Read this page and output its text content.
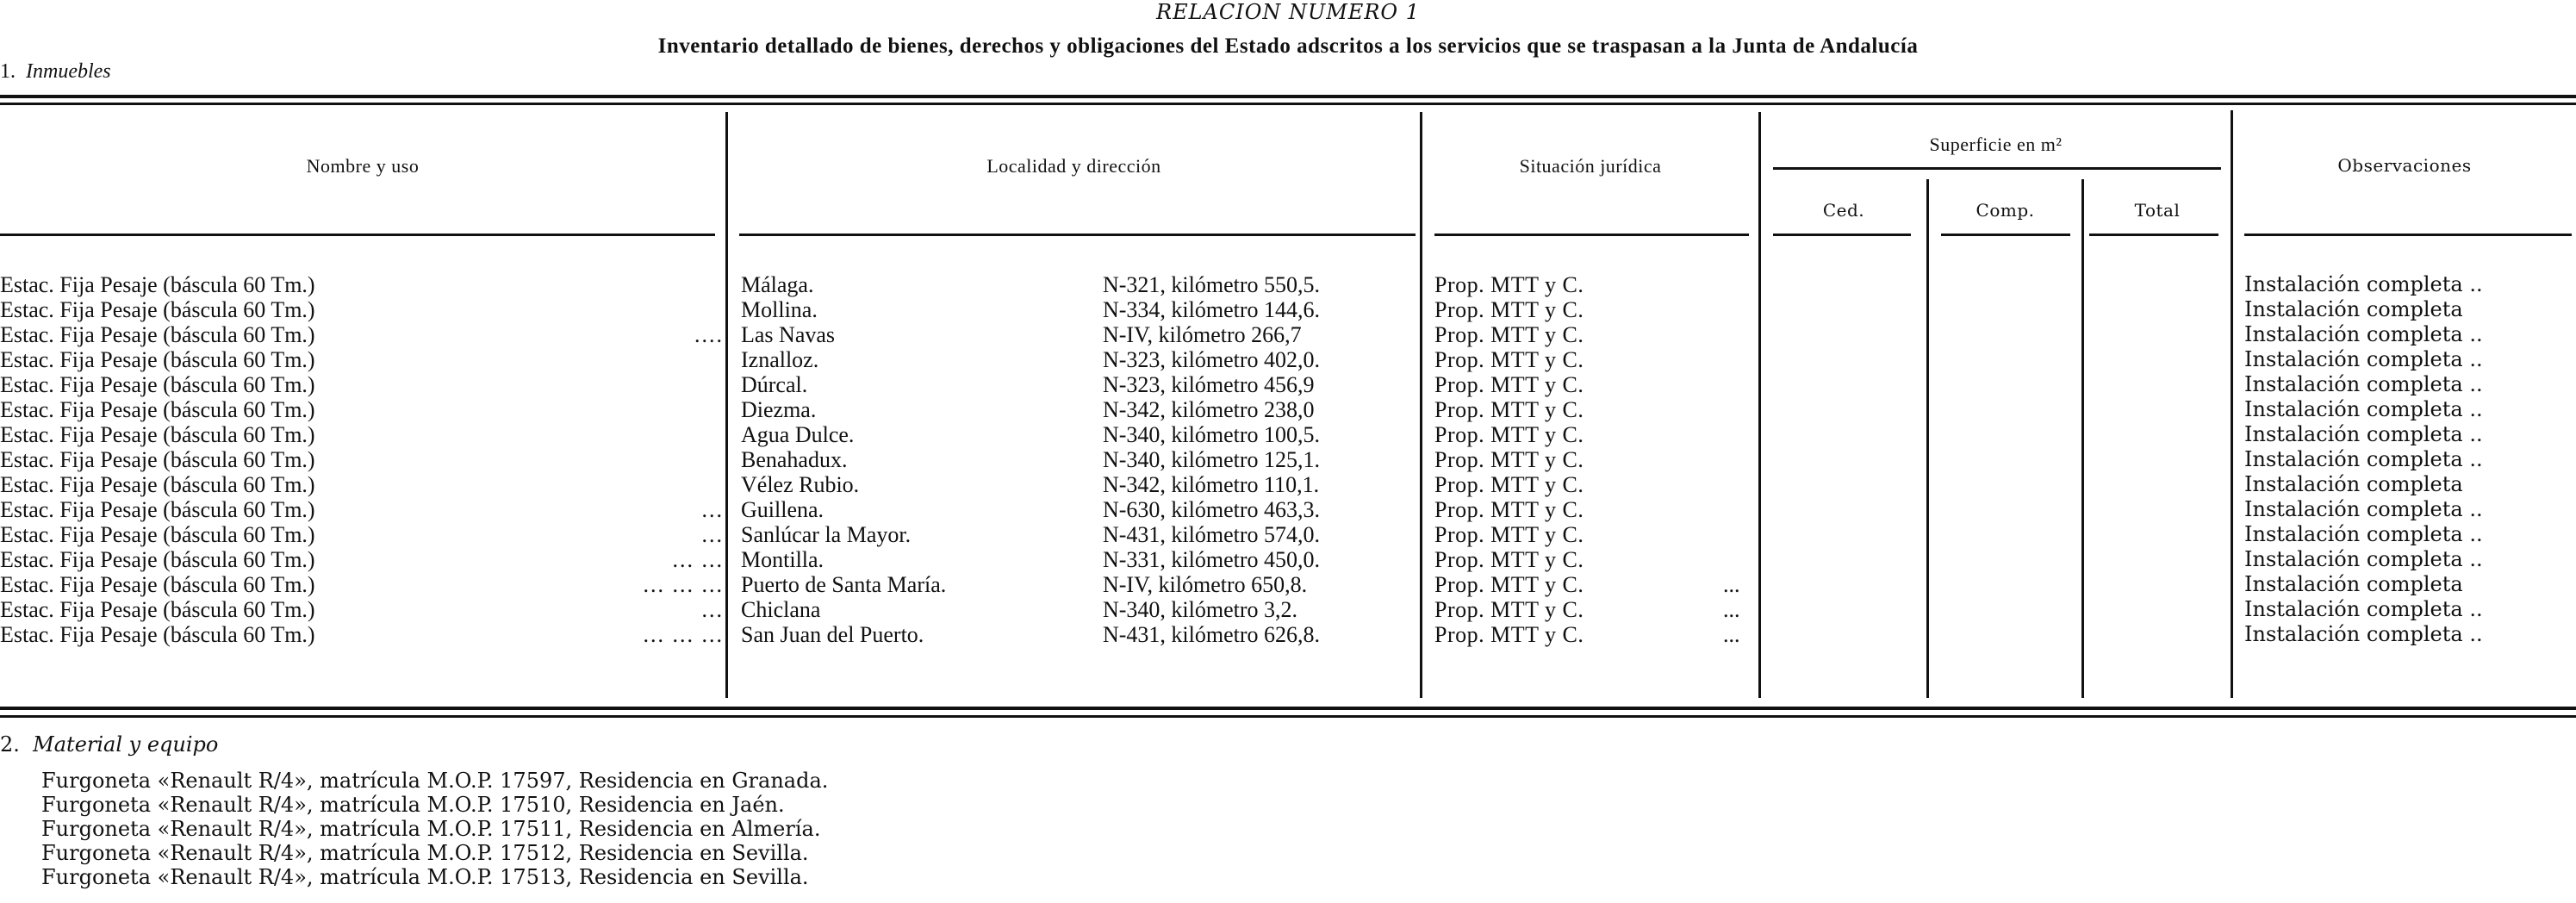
RELACION NUMERO 1
Inventario detallado de bienes, derechos y obligaciones del Estado adscritos a los servicios que se traspasan a la Junta de Andalucía
1. Inmuebles
Nombre y uso	Localidad y dirección	Situación jurídica
Superficie en m²
Ced.	Comp.	Total
Observaciones
Estac. Fija Pesaje (báscula 60 Tm.)	Málaga.	N-321, kilómetro 550,5.	Prop. MTT y C.	Instalación completa ..
Estac. Fija Pesaje (báscula 60 Tm.)	Mollina.	N-334, kilómetro 144,6.	Prop. MTT y C.	Instalación completa
Estac. Fija Pesaje (báscula 60 Tm.)	.... Las Navas	N-IV, kilómetro 266,7	Prop. MTT y C.	Instalación completa ..
Estac. Fija Pesaje (báscula 60 Tm.)	Iznalloz.	N-323, kilómetro 402,0.	Prop. MTT y C.	Instalación completa ..
Estac. Fija Pesaje (báscula 60 Tm.)	Dúrcal.	N-323, kilómetro 456,9	Prop. MTT y C.	Instalación completa ..
Estac. Fija Pesaje (báscula 60 Tm.)	Diezma.	N-342, kilómetro 238,0	Prop. MTT y C.	Instalación completa ..
Estac. Fija Pesaje (báscula 60 Tm.)	Agua Dulce.	N-340, kilómetro 100,5.	Prop. MTT y C.	Instalación completa ..
Estac. Fija Pesaje (báscula 60 Tm.)	Benahadux.	N-340, kilómetro 125,1.	Prop. MTT y C.	Instalación completa ..
Estac. Fija Pesaje (báscula 60 Tm.)	Vélez Rubio.	N-342, kilómetro 110,1.	Prop. MTT y C.	Instalación completa
Estac. Fija Pesaje (báscula 60 Tm.)	... Guillena.	N-630, kilómetro 463,3.	Prop. MTT y C.	Instalación completa ..
Estac. Fija Pesaje (báscula 60 Tm.)	... Sanlúcar la Mayor.	N-431, kilómetro 574,0.	Prop. MTT y C.	Instalación completa ..
Estac. Fija Pesaje (báscula 60 Tm.)	... ... Montilla.	N-331, kilómetro 450,0.	Prop. MTT y C.	Instalación completa ..
Estac. Fija Pesaje (báscula 60 Tm.)	... ... ... Puerto de Santa María.	N-IV, kilómetro 650,8.	Prop. MTT y C.	...	Instalación completa
Estac. Fija Pesaje (báscula 60 Tm.)	... Chiclana	N-340, kilómetro 3,2.	Prop. MTT y C.	...	Instalación completa ..
Estac. Fija Pesaje (báscula 60 Tm.)	... ... ... San Juan del Puerto.	N-431, kilómetro 626,8.	Prop. MTT y C.	...	Instalación completa ..
2. Material y equipo
Furgoneta «Renault R/4», matrícula M.O.P. 17597, Residencia en Granada.
Furgoneta «Renault R/4», matrícula M.O.P. 17510, Residencia en Jaén.
Furgoneta «Renault R/4», matrícula M.O.P. 17511, Residencia en Almería.
Furgoneta «Renault R/4», matrícula M.O.P. 17512, Residencia en Sevilla.
Furgoneta «Renault R/4», matrícula M.O.P. 17513, Residencia en Sevilla.
